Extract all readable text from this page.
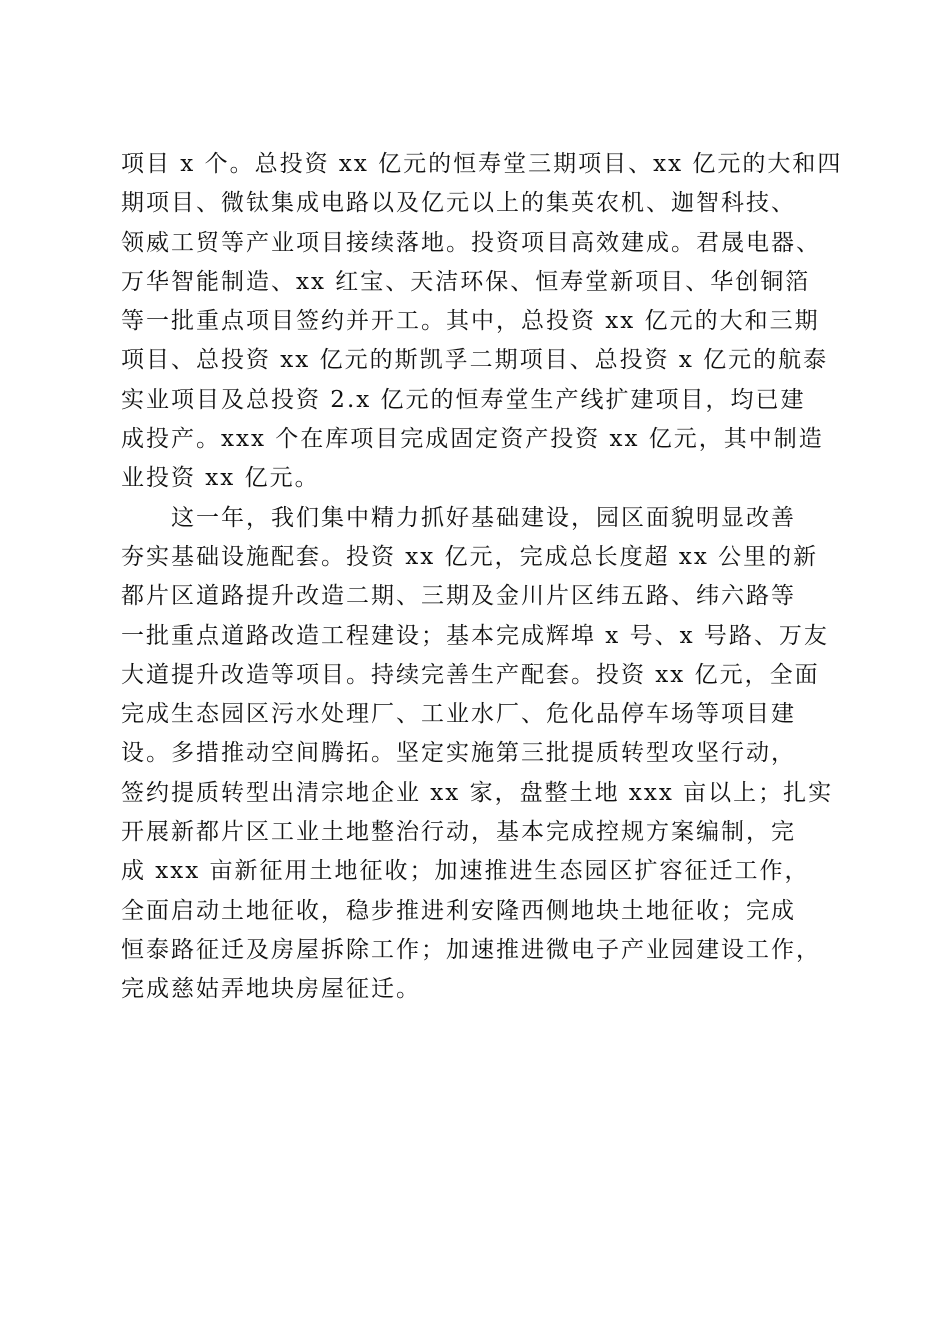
项目 x 个。总投资 xx 亿元的恒寿堂三期项目、xx 亿元的大和四
期项目、微钛集成电路以及亿元以上的集英农机、迦智科技、
领威工贸等产业项目接续落地。投资项目高效建成。君晟电器、
万华智能制造、xx 红宝、天洁环保、恒寿堂新项目、华创铜箔
等一批重点项目签约并开工。其中，总投资 xx 亿元的大和三期
项目、总投资 xx 亿元的斯凯孚二期项目、总投资 x 亿元的航泰
实业项目及总投资 2.x 亿元的恒寿堂生产线扩建项目，均已建
成投产。xxx 个在库项目完成固定资产投资 xx 亿元，其中制造
业投资 xx 亿元。
　　这一年，我们集中精力抓好基础建设，园区面貌明显改善
夯实基础设施配套。投资 xx 亿元，完成总长度超 xx 公里的新
都片区道路提升改造二期、三期及金川片区纬五路、纬六路等
一批重点道路改造工程建设；基本完成辉埠 x 号、x 号路、万友
大道提升改造等项目。持续完善生产配套。投资 xx 亿元，全面
完成生态园区污水处理厂、工业水厂、危化品停车场等项目建
设。多措推动空间腾拓。坚定实施第三批提质转型攻坚行动，
签约提质转型出清宗地企业 xx 家，盘整土地 xxx 亩以上；扎实
开展新都片区工业土地整治行动，基本完成控规方案编制，完
成 xxx 亩新征用土地征收；加速推进生态园区扩容征迁工作，
全面启动土地征收，稳步推进利安隆西侧地块土地征收；完成
恒泰路征迁及房屋拆除工作；加速推进微电子产业园建设工作，
完成慈姑弄地块房屋征迁。
